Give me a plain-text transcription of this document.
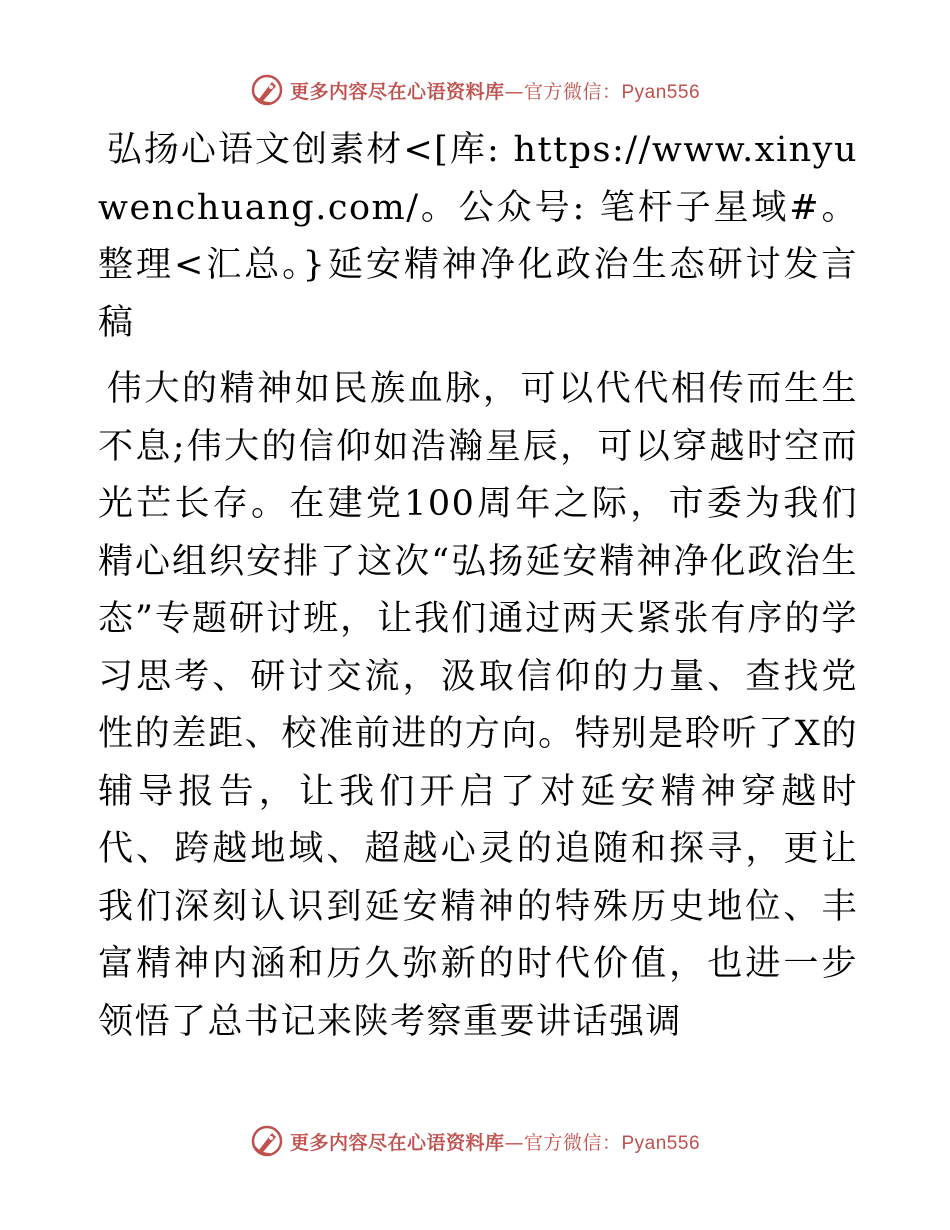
更多内容尽在心语资料库—官方微信：Pyan556

弘扬心语文创素材<[库: https://www.xinyuwenchuang.com/。公众号: 笔杆子星域#。整理<汇总。}延安精神净化政治生态研讨发言稿

伟大的精神如民族血脉，可以代代相传而生生不息;伟大的信仰如浩瀚星辰，可以穿越时空而光芒长存。在建党100周年之际，市委为我们精心组织安排了这次“弘扬延安精神净化政治生态”专题研讨班，让我们通过两天紧张有序的学习思考、研讨交流，汲取信仰的力量、查找党性的差距、校准前进的方向。特别是聆听了X的辅导报告，让我们开启了对延安精神穿越时代、跨越地域、超越心灵的追随和探寻，更让我们深刻认识到延安精神的特殊历史地位、丰富精神内涵和历久弥新的时代价值，也进一步领悟了总书记来陕考察重要讲话强调

更多内容尽在心语资料库—官方微信：Pyan556
